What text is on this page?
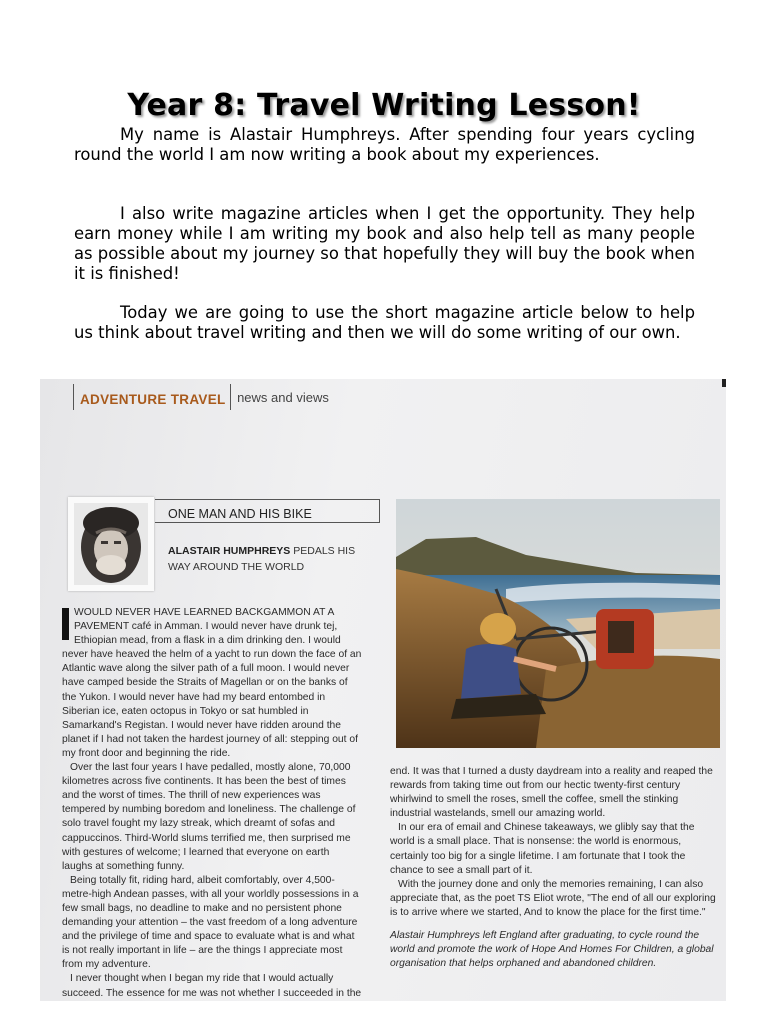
Year 8: Travel Writing Lesson!

My name is Alastair Humphreys. After spending four years cycling round the world I am now writing a book about my experiences.

I also write magazine articles when I get the opportunity. They help earn money while I am writing my book and also help tell as many people as possible about my journey so that hopefully they will buy the book when it is finished!

Today we are going to use the short magazine article below to help us think about travel writing and then we will do some writing of our own.

ADVENTURE TRAVEL news and views
ONE MAN AND HIS BIKE
ALASTAIR HUMPHREYS PEDALS HIS WAY AROUND THE WORLD

WOULD NEVER HAVE LEARNED BACKGAMMON AT A PAVEMENT café in Amman. I would never have drunk tej, Ethiopian mead, from a flask in a dim drinking den. I would never have heaved the helm of a yacht to run down the face of an Atlantic wave along the silver path of a full moon. I would never have camped beside the Straits of Magellan or on the banks of the Yukon. I would never have had my beard entombed in Siberian ice, eaten octopus in Tokyo or sat humbled in Samarkand's Registan. I would never have ridden around the planet if I had not taken the hardest journey of all: stepping out of my front door and beginning the ride.

Over the last four years I have pedalled, mostly alone, 70,000 kilometres across five continents. It has been the best of times and the worst of times. The thrill of new experiences was tempered by numbing boredom and loneliness. The challenge of solo travel fought my lazy streak, which dreamt of sofas and cappuccinos. Third-World slums terrified me, then surprised me with gestures of welcome; I learned that everyone on earth laughs at something funny.

Being totally fit, riding hard, albeit comfortably, over 4,500-metre-high Andean passes, with all your worldly possessions in a few small bags, no deadline to make and no persistent phone demanding your attention – the vast freedom of a long adventure and the privilege of time and space to evaluate what is and what is not really important in life – are the things I appreciate most from my adventure.

I never thought when I began my ride that I would actually succeed. The essence for me was not whether I succeeded in the

end. It was that I turned a dusty daydream into a reality and reaped the rewards from taking time out from our hectic twenty-first century whirlwind to smell the roses, smell the coffee, smell the stinking industrial wastelands, smell our amazing world.

In our era of email and Chinese takeaways, we glibly say that the world is a small place. That is nonsense: the world is enormous, certainly too big for a single lifetime. I am fortunate that I took the chance to see a small part of it.

With the journey done and only the memories remaining, I can also appreciate that, as the poet TS Eliot wrote, "The end of all our exploring is to arrive where we started, And to know the place for the first time."

Alastair Humphreys left England after graduating, to cycle round the world and promote the work of Hope And Homes For Children, a global organisation that helps orphaned and abandoned children.
